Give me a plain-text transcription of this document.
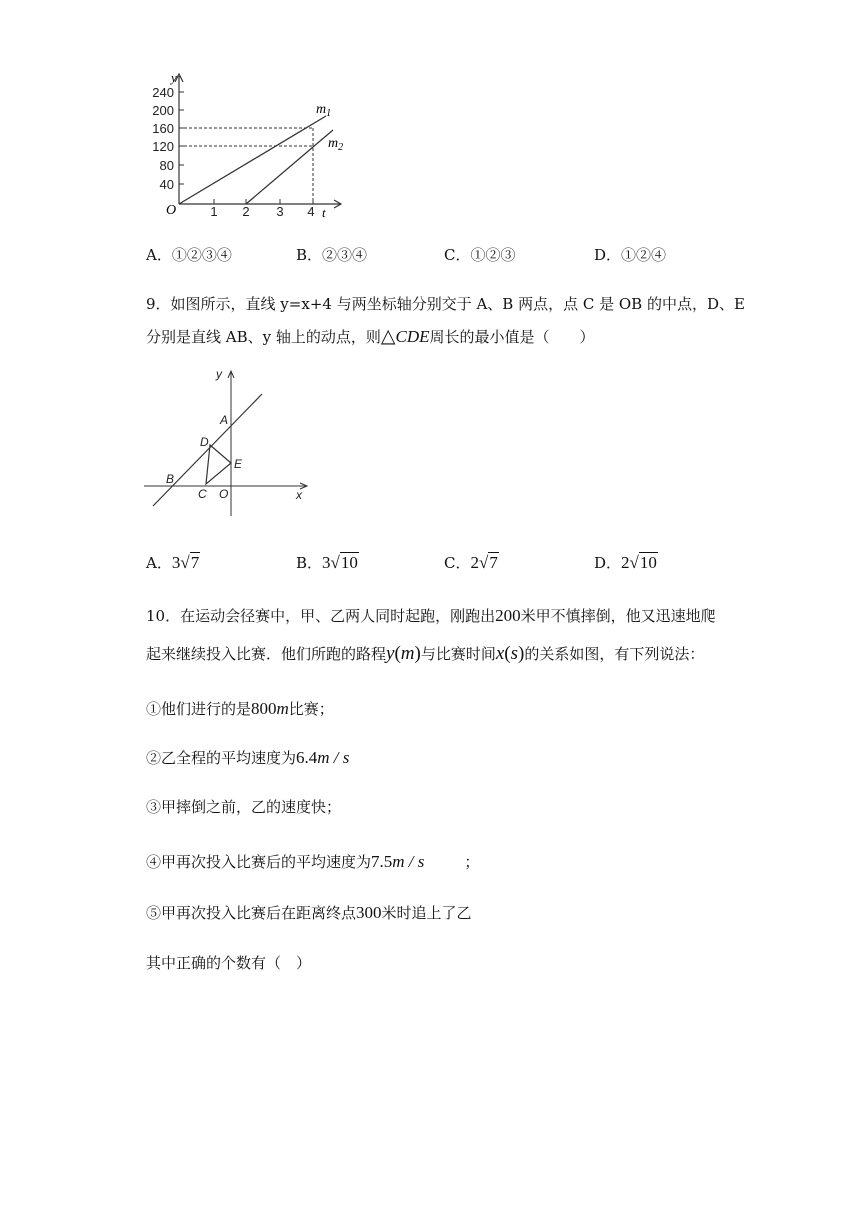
y
t
O
240
200
160
120
80
40
1 2 3 4
$m_1$
$m_2$
A．①②③④	B．②③④	C．①②③	D．①②④
9．如图所示，直线 y=x+4 与两坐标轴分别交于 A、B 两点，点 C 是 OB 的中点，D、E
分别是直线 AB、y 轴上的动点，则△CDE周长的最小值是（　　）
y
x
A
B
C
D
E
O
A．3√7	B．3√10	C．2√7	D．2√10
10．在运动会径赛中，甲、乙两人同时起跑，刚跑出200米甲不慎摔倒，他又迅速地爬
起来继续投入比赛．他们所跑的路程y(m)与比赛时间x(s)的关系如图，有下列说法：
①他们进行的是800m比赛；
②乙全程的平均速度为6.4m / s
③甲摔倒之前，乙的速度快；
④甲再次投入比赛后的平均速度为7.5m / s	；
⑤甲再次投入比赛后在距离终点300米时追上了乙
其中正确的个数有（　）
